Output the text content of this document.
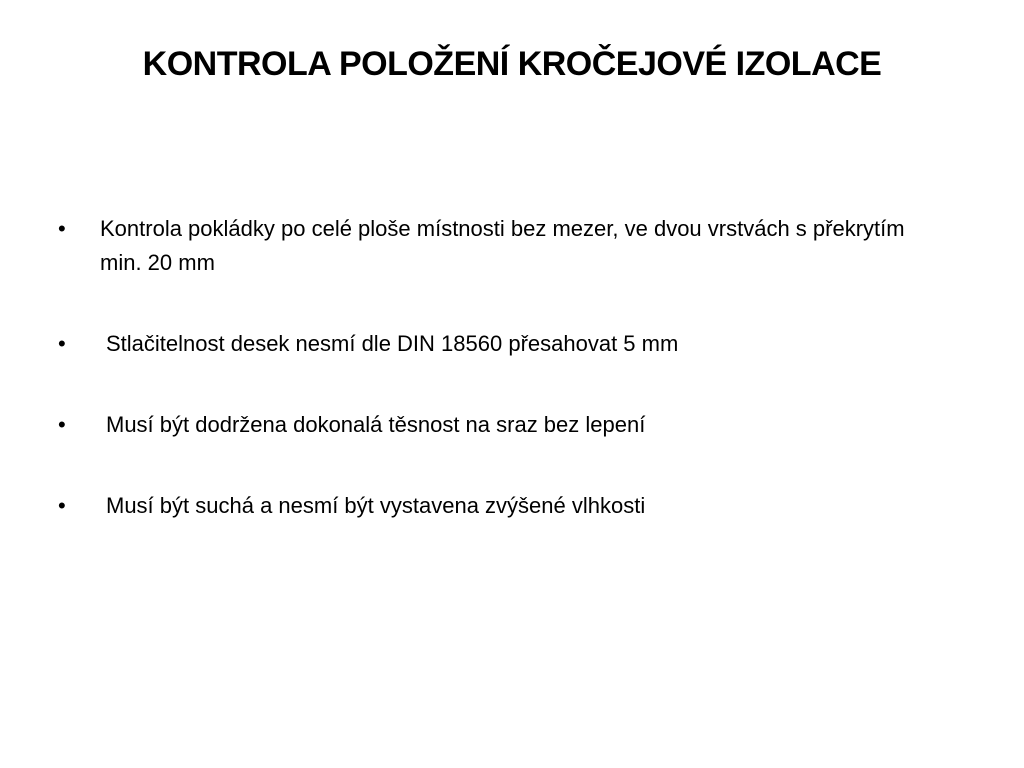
KONTROLA POLOŽENÍ KROČEJOVÉ IZOLACE
•	Kontrola pokládky po celé ploše místnosti bez mezer, ve dvou vrstvách s překrytím min. 20 mm
•	Stlačitelnost desek nesmí dle DIN 18560 přesahovat 5 mm
•	Musí být dodržena dokonalá těsnost na sraz bez lepení
•	Musí být suchá a nesmí být vystavena zvýšené vlhkosti
